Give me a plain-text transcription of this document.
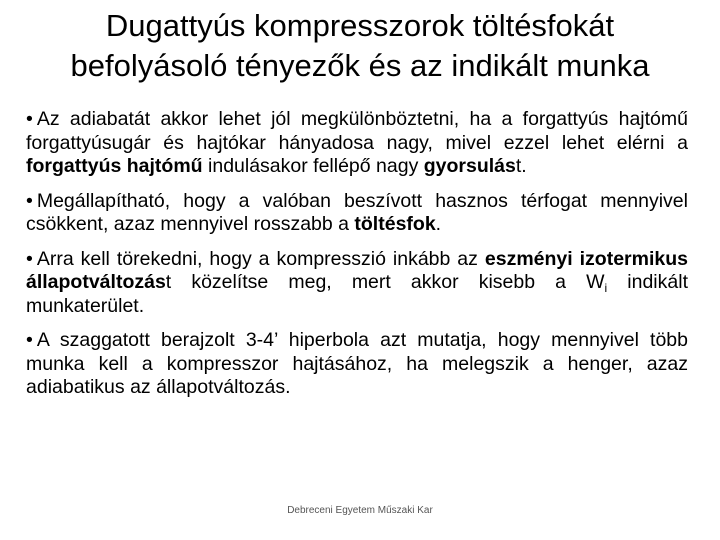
Dugattyús kompresszorok töltésfokát
befolyásoló tényezők és az indikált munka

• Az adiabatát akkor lehet jól megkülönböztetni, ha a forgattyús hajtómű forgattyúsugár és hajtókar hányadosa nagy, mivel ezzel lehet elérni a forgattyús hajtómű indulásakor fellépő nagy gyorsulást.

• Megállapítható, hogy a valóban beszívott hasznos térfogat mennyivel csökkent, azaz mennyivel rosszabb a töltésfok.

• Arra kell törekedni, hogy a kompresszió inkább az eszményi izotermikus állapotváltozást közelítse meg, mert akkor kisebb a $W_i$ indikált munkaterület.

• A szaggatott berajzolt 3-4’ hiperbola azt mutatja, hogy mennyivel több munka kell a kompresszor hajtásához, ha melegszik a henger, azaz adiabatikus az állapotváltozás.

Debreceni Egyetem Műszaki Kar
